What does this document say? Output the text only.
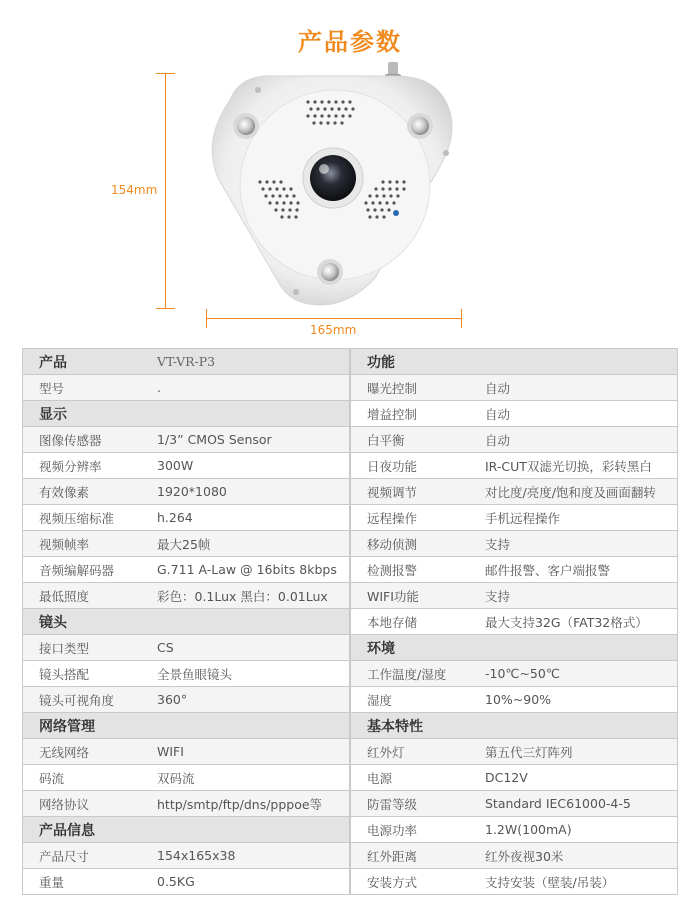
产品参数
154mm
165mm
产品	VT-VR-P3
型号	.
显示
图像传感器	1/3” CMOS Sensor
视频分辨率	300W
有效像素	1920*1080
视频压缩标准	h.264
视频帧率	最大25帧
音频编解码器	G.711 A-Law @ 16bits 8kbps
最低照度	彩色：0.1Lux 黑白：0.01Lux
镜头
接口类型	CS
镜头搭配	全景鱼眼镜头
镜头可视角度	360°
网络管理
无线网络	WIFI
码流	双码流
网络协议	http/smtp/ftp/dns/pppoe等
产品信息
产品尺寸	154x165x38
重量	0.5KG
功能
曝光控制	自动
增益控制	自动
白平衡	自动
日夜功能	IR-CUT双滤光切换，彩转黑白
视频调节	对比度/亮度/饱和度及画面翻转
远程操作	手机远程操作
移动侦测	支持
检测报警	邮件报警、客户端报警
WIFI功能	支持
本地存储	最大支持32G（FAT32格式）
环境
工作温度/湿度	-10℃~50℃
湿度	10%~90%
基本特性
红外灯	第五代三灯阵列
电源	DC12V
防雷等级	Standard IEC61000-4-5
电源功率	1.2W(100mA)
红外距离	红外夜视30米
安装方式	支持安装（壁装/吊装）
